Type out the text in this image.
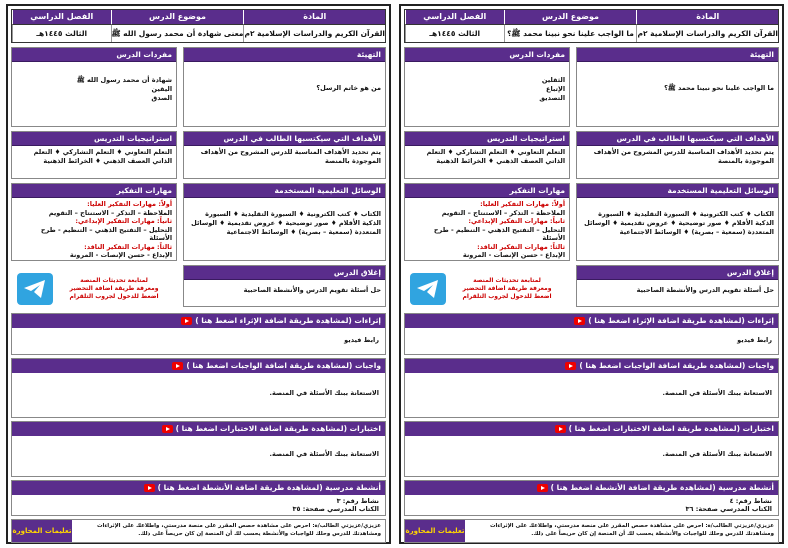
المادة
موضوع الدرس
الفصل الدراسي
القرآن الكريم والدراسات الإسلامية ٢م
ما الواجب علينا نحو نبينا محمد ﷺ؟
الثالث ١٤٤٥هـ
التهيئة
ما الواجب علينا نحو نبينا محمد ﷺ؟
الأهداف التي سيكتسبها الطالب في الدرس
يتم تحديد الأهداف المناسبة للدرس المشروح من الأهداف الموجودة بالمنصة
الوسائل التعليمية المستخدمة
الكتاب ♦ كتب الكترونية ♦ السبورة التقليدية ♦ السبورة الذكية الأقلام ♦ صور توضيحية ♦ عروض تقديمية ♦ الوسائل المتعددة (سمعية – بصرية) ♦ الوسائط الاجتماعية
إغلاق الدرس
حل أسئلة تقويم الدرس والأنشطة الصاحبية
مفردات الدرس
الثقلين
الإتباع
التصديق
استراتيجيات التدريس
التعلم التعاوني ♦ التعلم التشاركي ♦ التعلم الذاتي العصف الذهني ♦ الخرائط الذهنية
مهارات التفكير
أولاً: مهارات التفكير العليا:
الملاحظة – التذكر – الاستنتاج – التقويم
ثانياً: مهارات التفكير الإبداعي:
التحليل – التفتيح الذهني – التنظيم - طرح الأسئلة
ثالثاً: مهارات التفكير الناقد:
الإبداع - حسن الإنصات - المرونة
لمتابعة تحديثات المنصة
ومعرفة طريقة اضافة التحضير
اضغط للدخول لجروب التلقرام
إثراءات (لمشاهدة طريقة اضافة الإثراء اضغط هنا )
رابط فيديو
واجبات (لمشاهدة طريقة اضافة الواجبات اضغط هنا )
الاستعانة ببنك الأسئلة في المنصة.
اختبارات (لمشاهدة طريقة اضافة الاختبارات اضغط هنا )
الاستعانة ببنك الأسئلة في المنصة.
أنشطة مدرسية (لمشاهدة طريقة اضافة الأنشطة اضغط هنا )
نشاط رقم: ٤
الكتاب المدرسي صفحة: ٣٦
عزيزي/عزيزتي الطالب/ة: احرص على مشاهدة حصص المقرر على منصة مدرستي، واطلاعك على الإثراءات ومشاهدتك للدرس وحلك للواجبات والأنشطة يحسب لك أن المنصة إن كان حريصاً على ذلك.
تعليمات المحاورة
المادة
موضوع الدرس
الفصل الدراسي
القرآن الكريم والدراسات الإسلامية ٢م
معنى شهادة أن محمد رسول الله ﷺ
الثالث ١٤٤٥هـ
التهيئة
من هو خاتم الرسل؟
الأهداف التي سيكتسبها الطالب في الدرس
يتم تحديد الأهداف المناسبة للدرس المشروح من الأهداف الموجودة بالمنصة
الوسائل التعليمية المستخدمة
الكتاب ♦ كتب الكترونية ♦ السبورة التقليدية ♦ السبورة الذكية الأقلام ♦ صور توضيحية ♦ عروض تقديمية ♦ الوسائل المتعددة (سمعية – بصرية) ♦ الوسائط الاجتماعية
إغلاق الدرس
حل أسئلة تقويم الدرس والأنشطة الصاحبية
مفردات الدرس
شهادة أن محمد رسول الله ﷺ
اليقين
الصدق
استراتيجيات التدريس
التعلم التعاوني ♦ التعلم التشاركي ♦ التعلم الذاتي العصف الذهني ♦ الخرائط الذهنية
مهارات التفكير
أولاً: مهارات التفكير العليا:
الملاحظة – التذكر – الاستنتاج – التقويم
ثانياً: مهارات التفكير الإبداعي:
التحليل – التفتيح الذهني – التنظيم - طرح الأسئلة
ثالثاً: مهارات التفكير الناقد:
الإبداع - حسن الإنصات - المرونة
لمتابعة تحديثات المنصة
ومعرفة طريقة اضافة التحضير
اضغط للدخول لجروب التلقرام
إثراءات (لمشاهدة طريقة اضافة الإثراء اضغط هنا )
رابط فيديو
واجبات (لمشاهدة طريقة اضافة الواجبات اضغط هنا )
الاستعانة ببنك الأسئلة في المنصة.
اختبارات (لمشاهدة طريقة اضافة الاختبارات اضغط هنا )
الاستعانة ببنك الأسئلة في المنصة.
أنشطة مدرسية (لمشاهدة طريقة اضافة الأنشطة اضغط هنا )
نشاط رقم: ٣
الكتاب المدرسي صفحة: ٣٥
عزيزي/عزيزتي الطالب/ة: احرص على مشاهدة حصص المقرر على منصة مدرستي، واطلاعك على الإثراءات ومشاهدتك للدرس وحلك للواجبات والأنشطة يحسب لك أن المنصة إن كان حريصاً على ذلك.
تعليمات المحاورة
